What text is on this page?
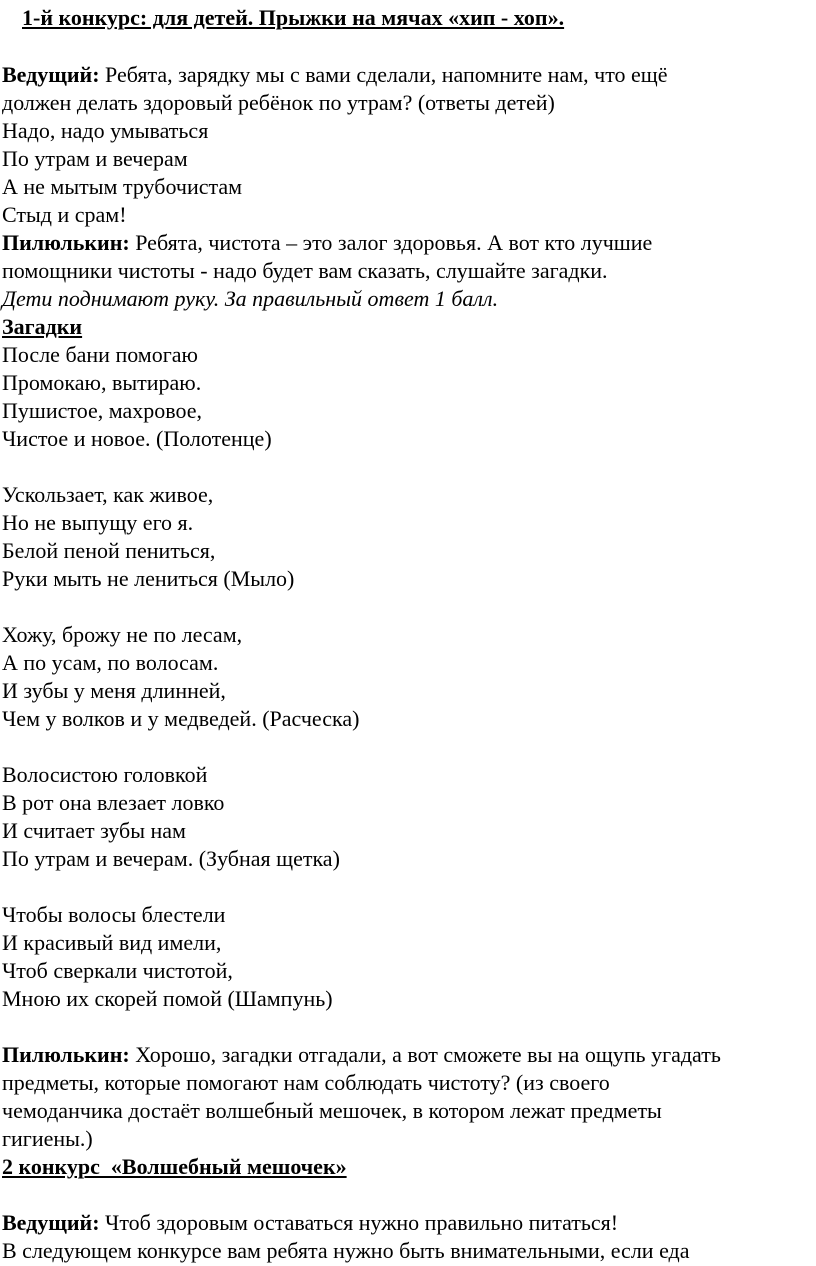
1-й конкурс: для детей. Прыжки на мячах «хип - хоп».
Ведущий: Ребята, зарядку мы с вами сделали, напомните нам, что ещё
должен делать здоровый ребёнок по утрам? (ответы детей)
Надо, надо умываться
По утрам и вечерам
А не мытым трубочистам
Стыд и срам!
Пилюлькин: Ребята, чистота – это залог здоровья. А вот кто лучшие
помощники чистоты - надо будет вам сказать, слушайте загадки.
Дети поднимают руку. За правильный ответ 1 балл.
Загадки
После бани помогаю
Промокаю, вытираю.
Пушистое, махровое,
Чистое и новое. (Полотенце)
Ускользает, как живое,
Но не выпущу его я.
Белой пеной пениться,
Руки мыть не лениться (Мыло)
Хожу, брожу не по лесам,
А по усам, по волосам.
И зубы у меня длинней,
Чем у волков и у медведей. (Расческа)
Волосистою головкой
В рот она влезает ловко
И считает зубы нам
По утрам и вечерам. (Зубная щетка)
Чтобы волосы блестели
И красивый вид имели,
Чтоб сверкали чистотой,
Мною их скорей помой (Шампунь)
Пилюлькин: Хорошо, загадки отгадали, а вот сможете вы на ощупь угадать
предметы, которые помогают нам соблюдать чистоту? (из своего
чемоданчика достаёт волшебный мешочек, в котором лежат предметы
гигиены.)
2 конкурс  «Волшебный мешочек»
Ведущий: Чтоб здоровым оставаться нужно правильно питаться!
В следующем конкурсе вам ребята нужно быть внимательными, если еда
